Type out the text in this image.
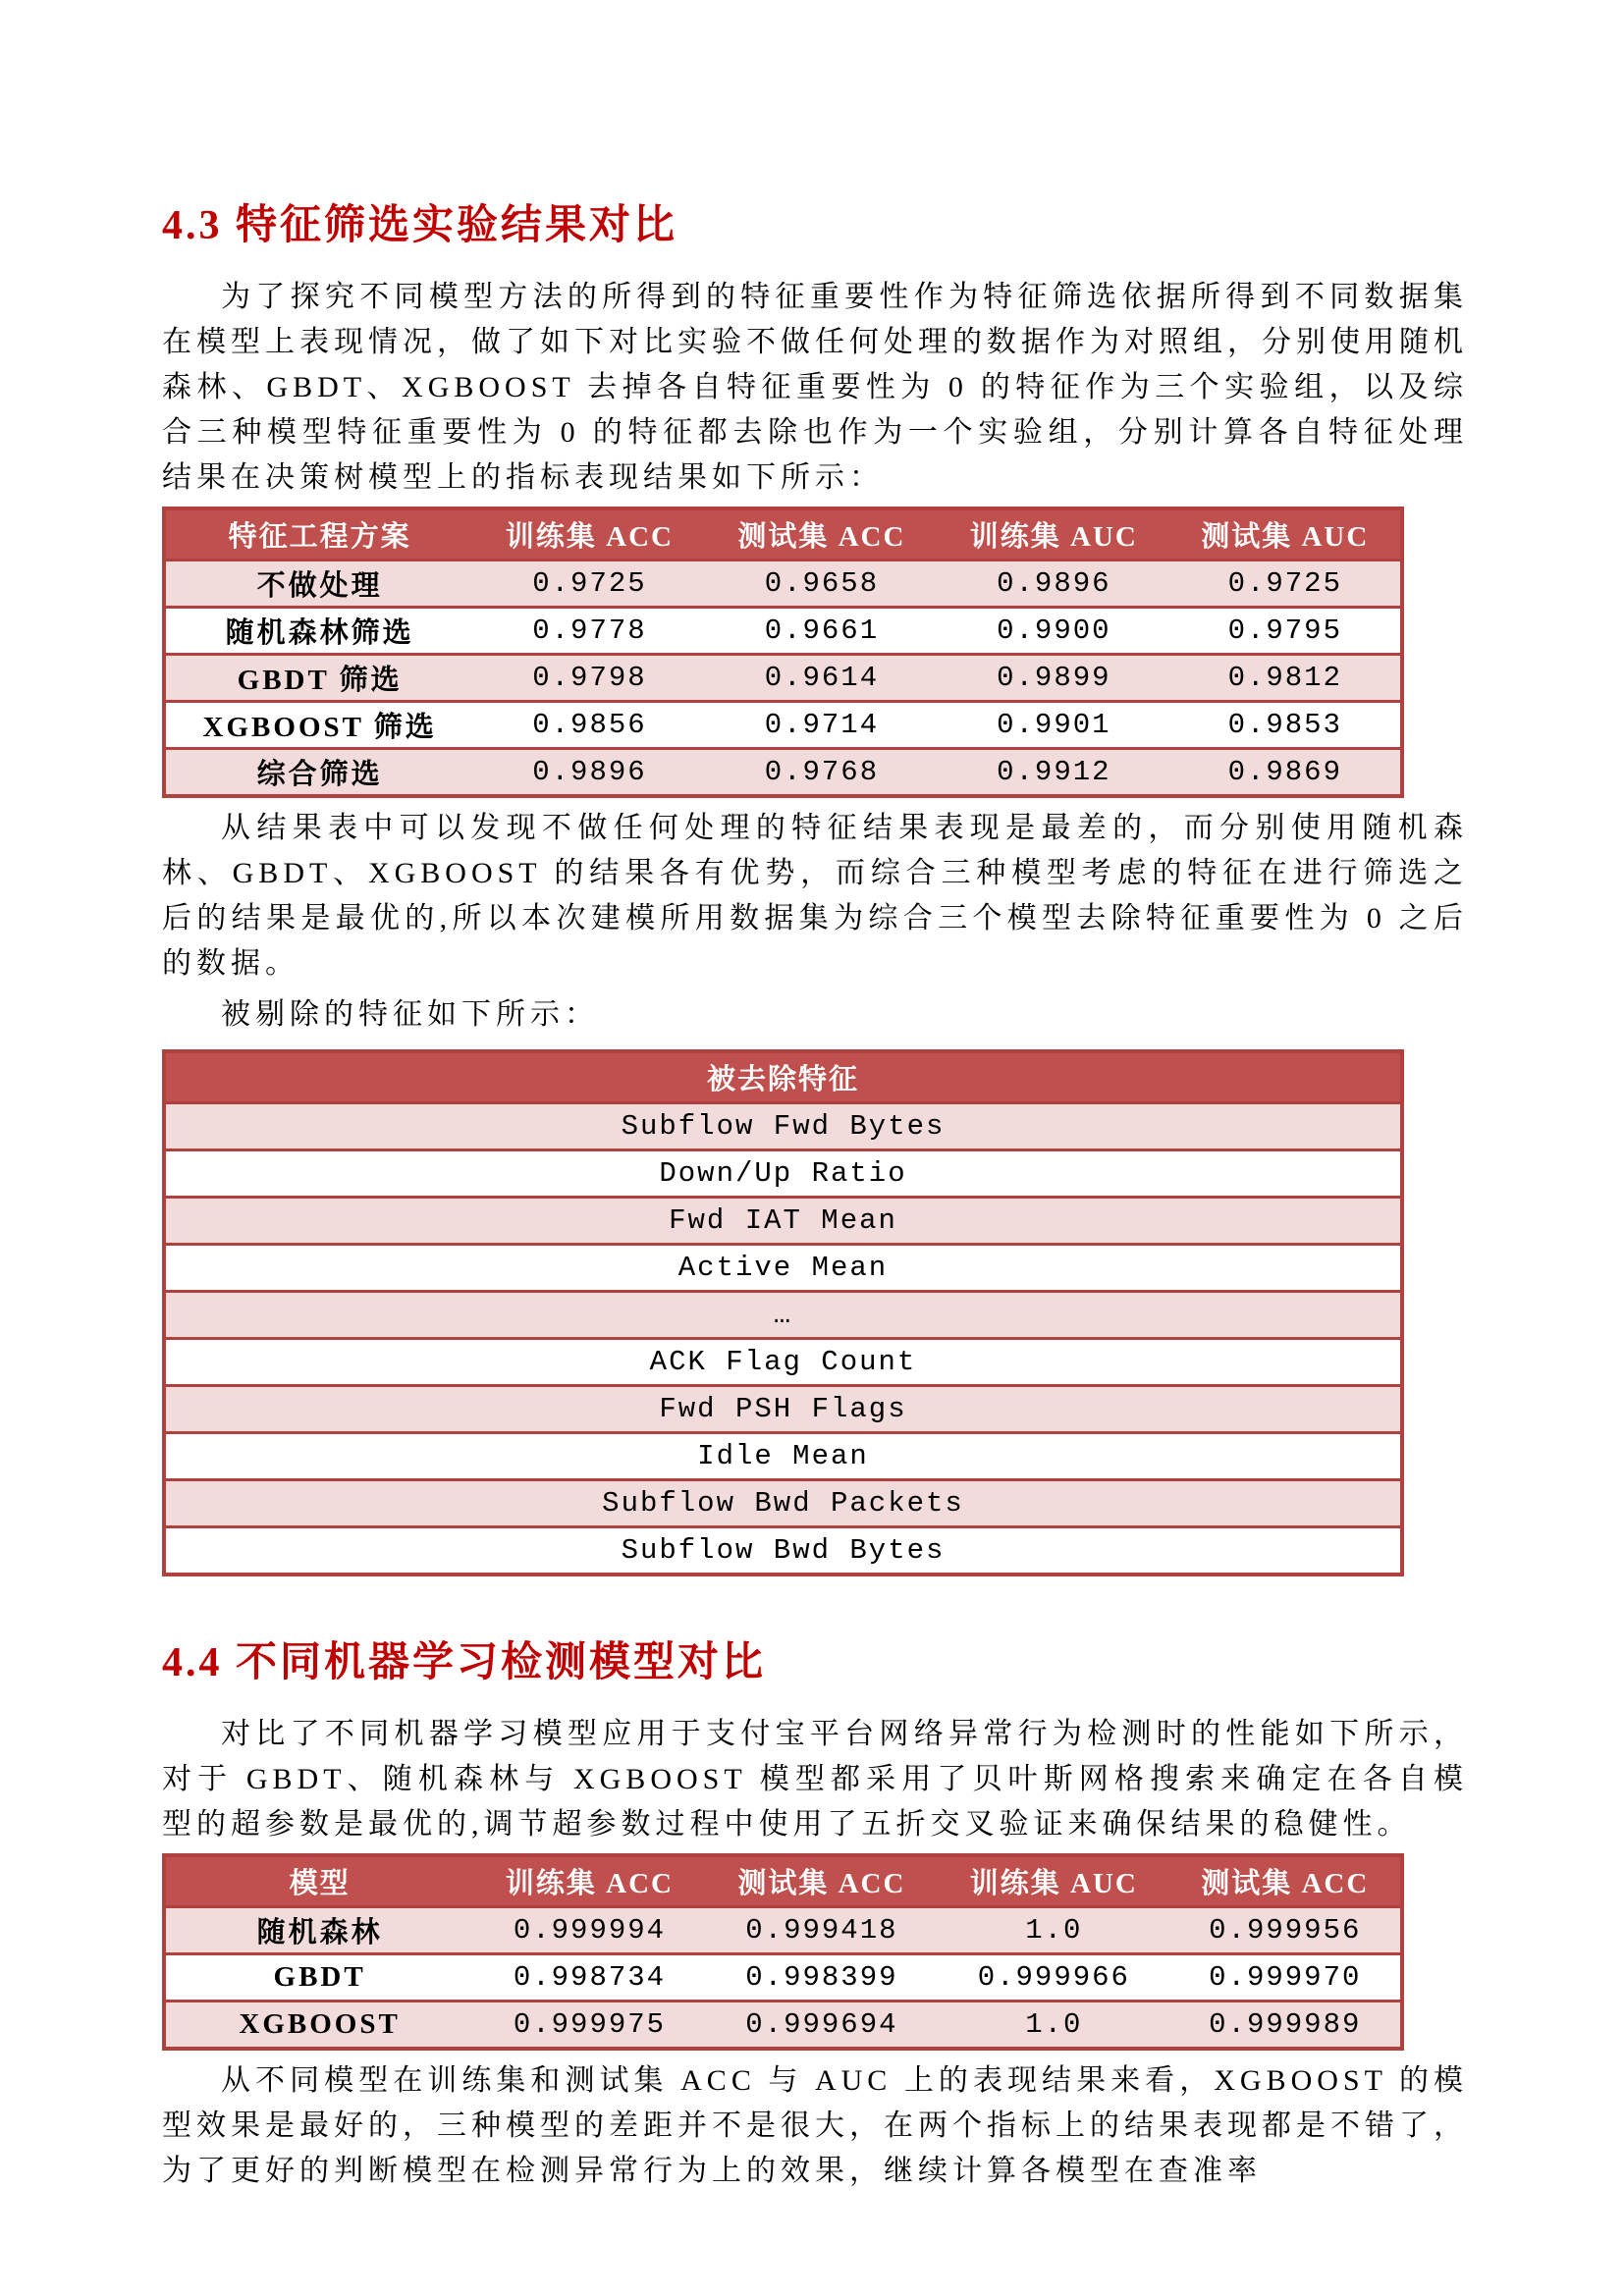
4.3 特征筛选实验结果对比

为了探究不同模型方法的所得到的特征重要性作为特征筛选依据所得到不同数据集在模型上表现情况，做了如下对比实验不做任何处理的数据作为对照组，分别使用随机森林、GBDT、XGBOOST 去掉各自特征重要性为 0 的特征作为三个实验组，以及综合三种模型特征重要性为 0 的特征都去除也作为一个实验组，分别计算各自特征处理结果在决策树模型上的指标表现结果如下所示：

特征工程方案	训练集 ACC	测试集 ACC	训练集 AUC	测试集 AUC
不做处理	0.9725	0.9658	0.9896	0.9725
随机森林筛选	0.9778	0.9661	0.9900	0.9795
GBDT 筛选	0.9798	0.9614	0.9899	0.9812
XGBOOST 筛选	0.9856	0.9714	0.9901	0.9853
综合筛选	0.9896	0.9768	0.9912	0.9869

从结果表中可以发现不做任何处理的特征结果表现是最差的，而分别使用随机森林、GBDT、XGBOOST 的结果各有优势，而综合三种模型考虑的特征在进行筛选之后的结果是最优的,所以本次建模所用数据集为综合三个模型去除特征重要性为 0 之后的数据。

被剔除的特征如下所示：

被去除特征
Subflow Fwd Bytes
Down/Up Ratio
Fwd IAT Mean
Active Mean
…
ACK Flag Count
Fwd PSH Flags
Idle Mean
Subflow Bwd Packets
Subflow Bwd Bytes
4.4 不同机器学习检测模型对比

对比了不同机器学习模型应用于支付宝平台网络异常行为检测时的性能如下所示，对于 GBDT、随机森林与 XGBOOST 模型都采用了贝叶斯网格搜索来确定在各自模型的超参数是最优的,调节超参数过程中使用了五折交叉验证来确保结果的稳健性。

模型	训练集 ACC	测试集 ACC	训练集 AUC	测试集 ACC
随机森林	0.999994	0.999418	1.0	0.999956
GBDT	0.998734	0.998399	0.999966	0.999970
XGBOOST	0.999975	0.999694	1.0	0.999989

从不同模型在训练集和测试集 ACC 与 AUC 上的表现结果来看，XGBOOST 的模型效果是最好的，三种模型的差距并不是很大，在两个指标上的结果表现都是不错了，为了更好的判断模型在检测异常行为上的效果，继续计算各模型在查准率
